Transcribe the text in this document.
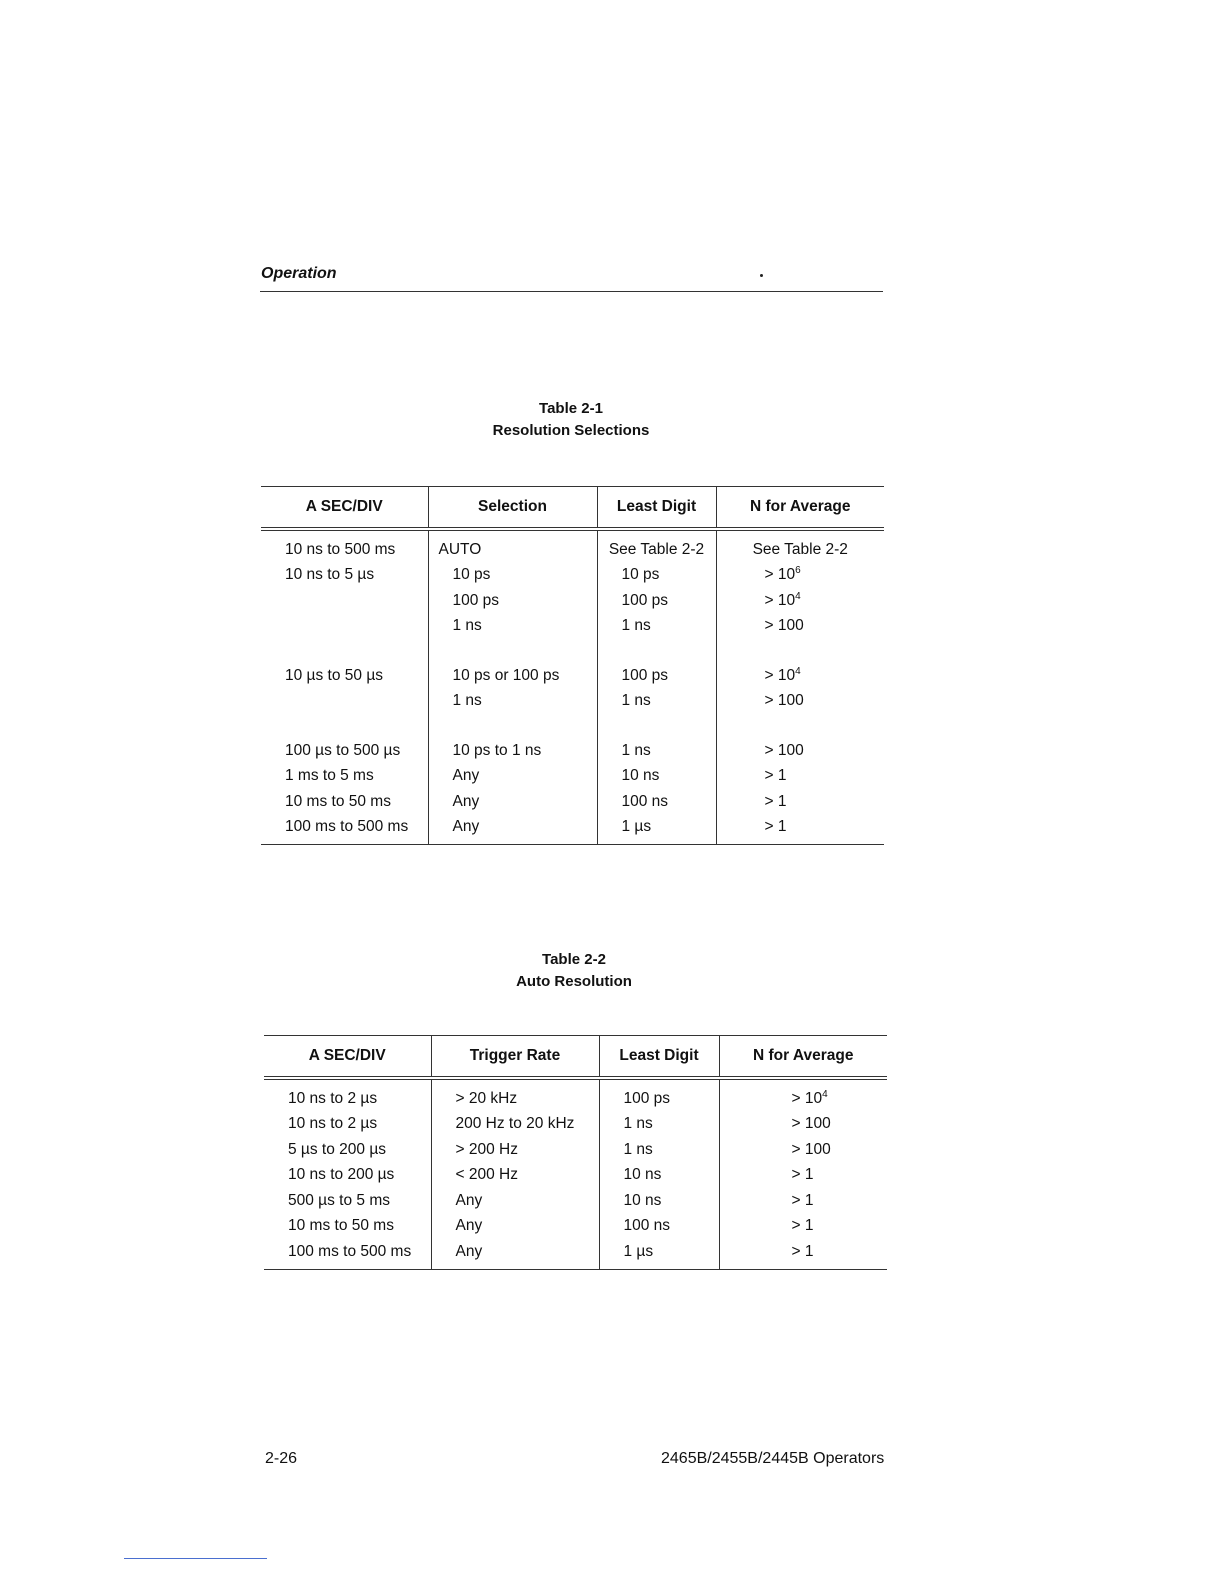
Operation
Table 2-1
Resolution Selections
A SEC/DIV	Selection	Least Digit	N for Average
10 ns to 500 ms	AUTO	See Table 2-2	See Table 2-2
10 ns to 5 µs	10 ps	10 ps	> $10^6$
	100 ps	100 ps	> $10^4$
	1 ns	1 ns	> 100
10 µs to 50 µs	10 ps or 100 ps	100 ps	> $10^4$
	1 ns	1 ns	> 100
100 µs to 500 µs	10 ps to 1 ns	1 ns	> 100
1 ms to 5 ms	Any	10 ns	> 1
10 ms to 50 ms	Any	100 ns	> 1
100 ms to 500 ms	Any	1 µs	> 1
Table 2-2
Auto Resolution
A SEC/DIV	Trigger Rate	Least Digit	N for Average
10 ns to 2 µs	> 20 kHz	100 ps	> $10^4$
10 ns to 2 µs	200 Hz to 20 kHz	1 ns	> 100
5 µs to 200 µs	> 200 Hz	1 ns	> 100
10 ns to 200 µs	< 200 Hz	10 ns	> 1
500 µs to 5 ms	Any	10 ns	> 1
10 ms to 50 ms	Any	100 ns	> 1
100 ms to 500 ms	Any	1 µs	> 1
2-26	2465B/2455B/2445B Operators
